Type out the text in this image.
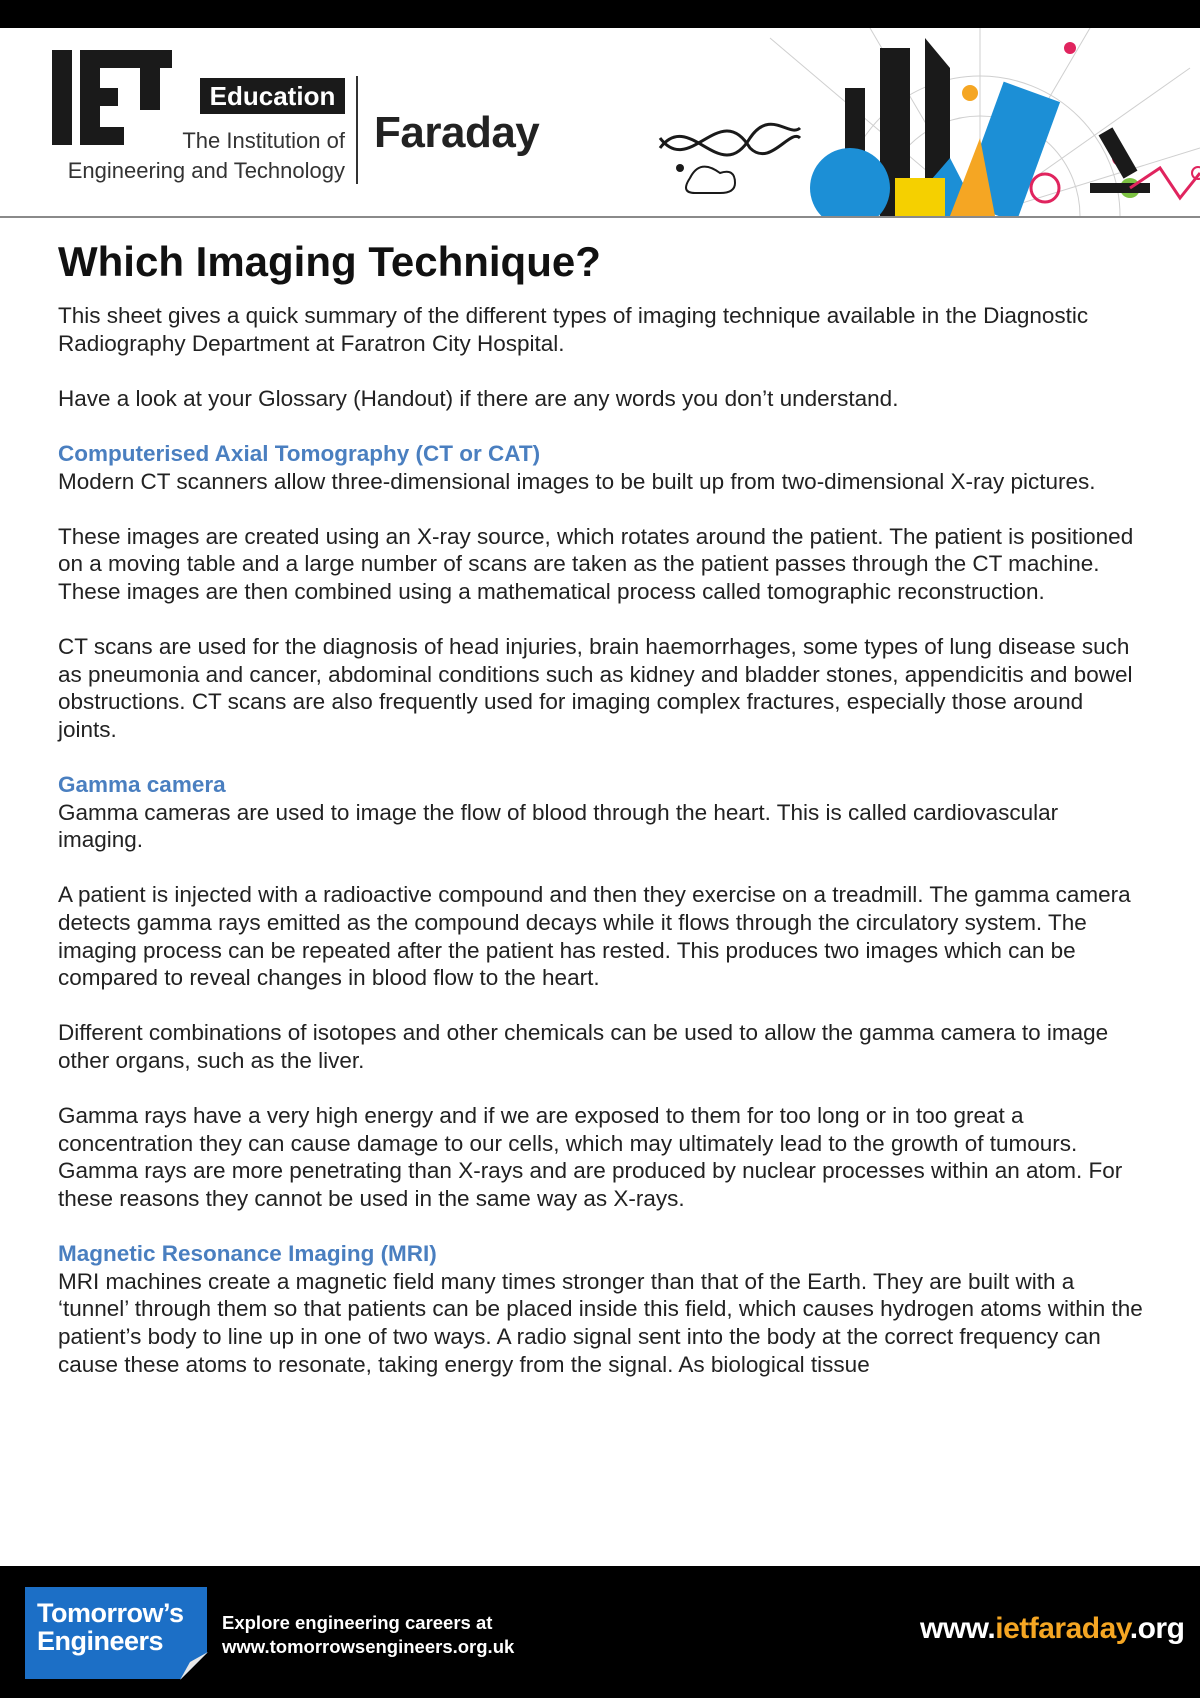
Education
The Institution of
Engineering and Technology
Faraday
Which Imaging Technique?

This sheet gives a quick summary of the different types of imaging technique available in the Diagnostic Radiography Department at Faratron City Hospital.

Have a look at your Glossary (Handout) if there are any words you don’t understand.

Computerised Axial Tomography (CT or CAT)

Modern CT scanners allow three-dimensional images to be built up from two-dimensional X-ray pictures.

These images are created using an X-ray source, which rotates around the patient. The patient is positioned on a moving table and a large number of scans are taken as the patient passes through the CT machine. These images are then combined using a mathematical process called tomographic reconstruction.

CT scans are used for the diagnosis of head injuries, brain haemorrhages, some types of lung disease such as pneumonia and cancer, abdominal conditions such as kidney and bladder stones, appendicitis and bowel obstructions. CT scans are also frequently used for imaging complex fractures, especially those around joints.

Gamma camera

Gamma cameras are used to image the flow of blood through the heart. This is called cardiovascular imaging.

A patient is injected with a radioactive compound and then they exercise on a treadmill. The gamma camera detects gamma rays emitted as the compound decays while it flows through the circulatory system. The imaging process can be repeated after the patient has rested. This produces two images which can be compared to reveal changes in blood flow to the heart.

Different combinations of isotopes and other chemicals can be used to allow the gamma camera to image other organs, such as the liver.

Gamma rays have a very high energy and if we are exposed to them for too long or in too great a concentration they can cause damage to our cells, which may ultimately lead to the growth of tumours. Gamma rays are more penetrating than X-rays and are produced by nuclear processes within an atom. For these reasons they cannot be used in the same way as X-rays.

Magnetic Resonance Imaging (MRI)

MRI machines create a magnetic field many times stronger than that of the Earth. They are built with a ‘tunnel’ through them so that patients can be placed inside this field, which causes hydrogen atoms within the patient’s body to line up in one of two ways. A radio signal sent into the body at the correct frequency can cause these atoms to resonate, taking energy from the signal. As biological tissue

Tomorrow’s
Engineers
Explore engineering careers at
www.tomorrowsengineers.org.uk
www.ietfaraday.org
